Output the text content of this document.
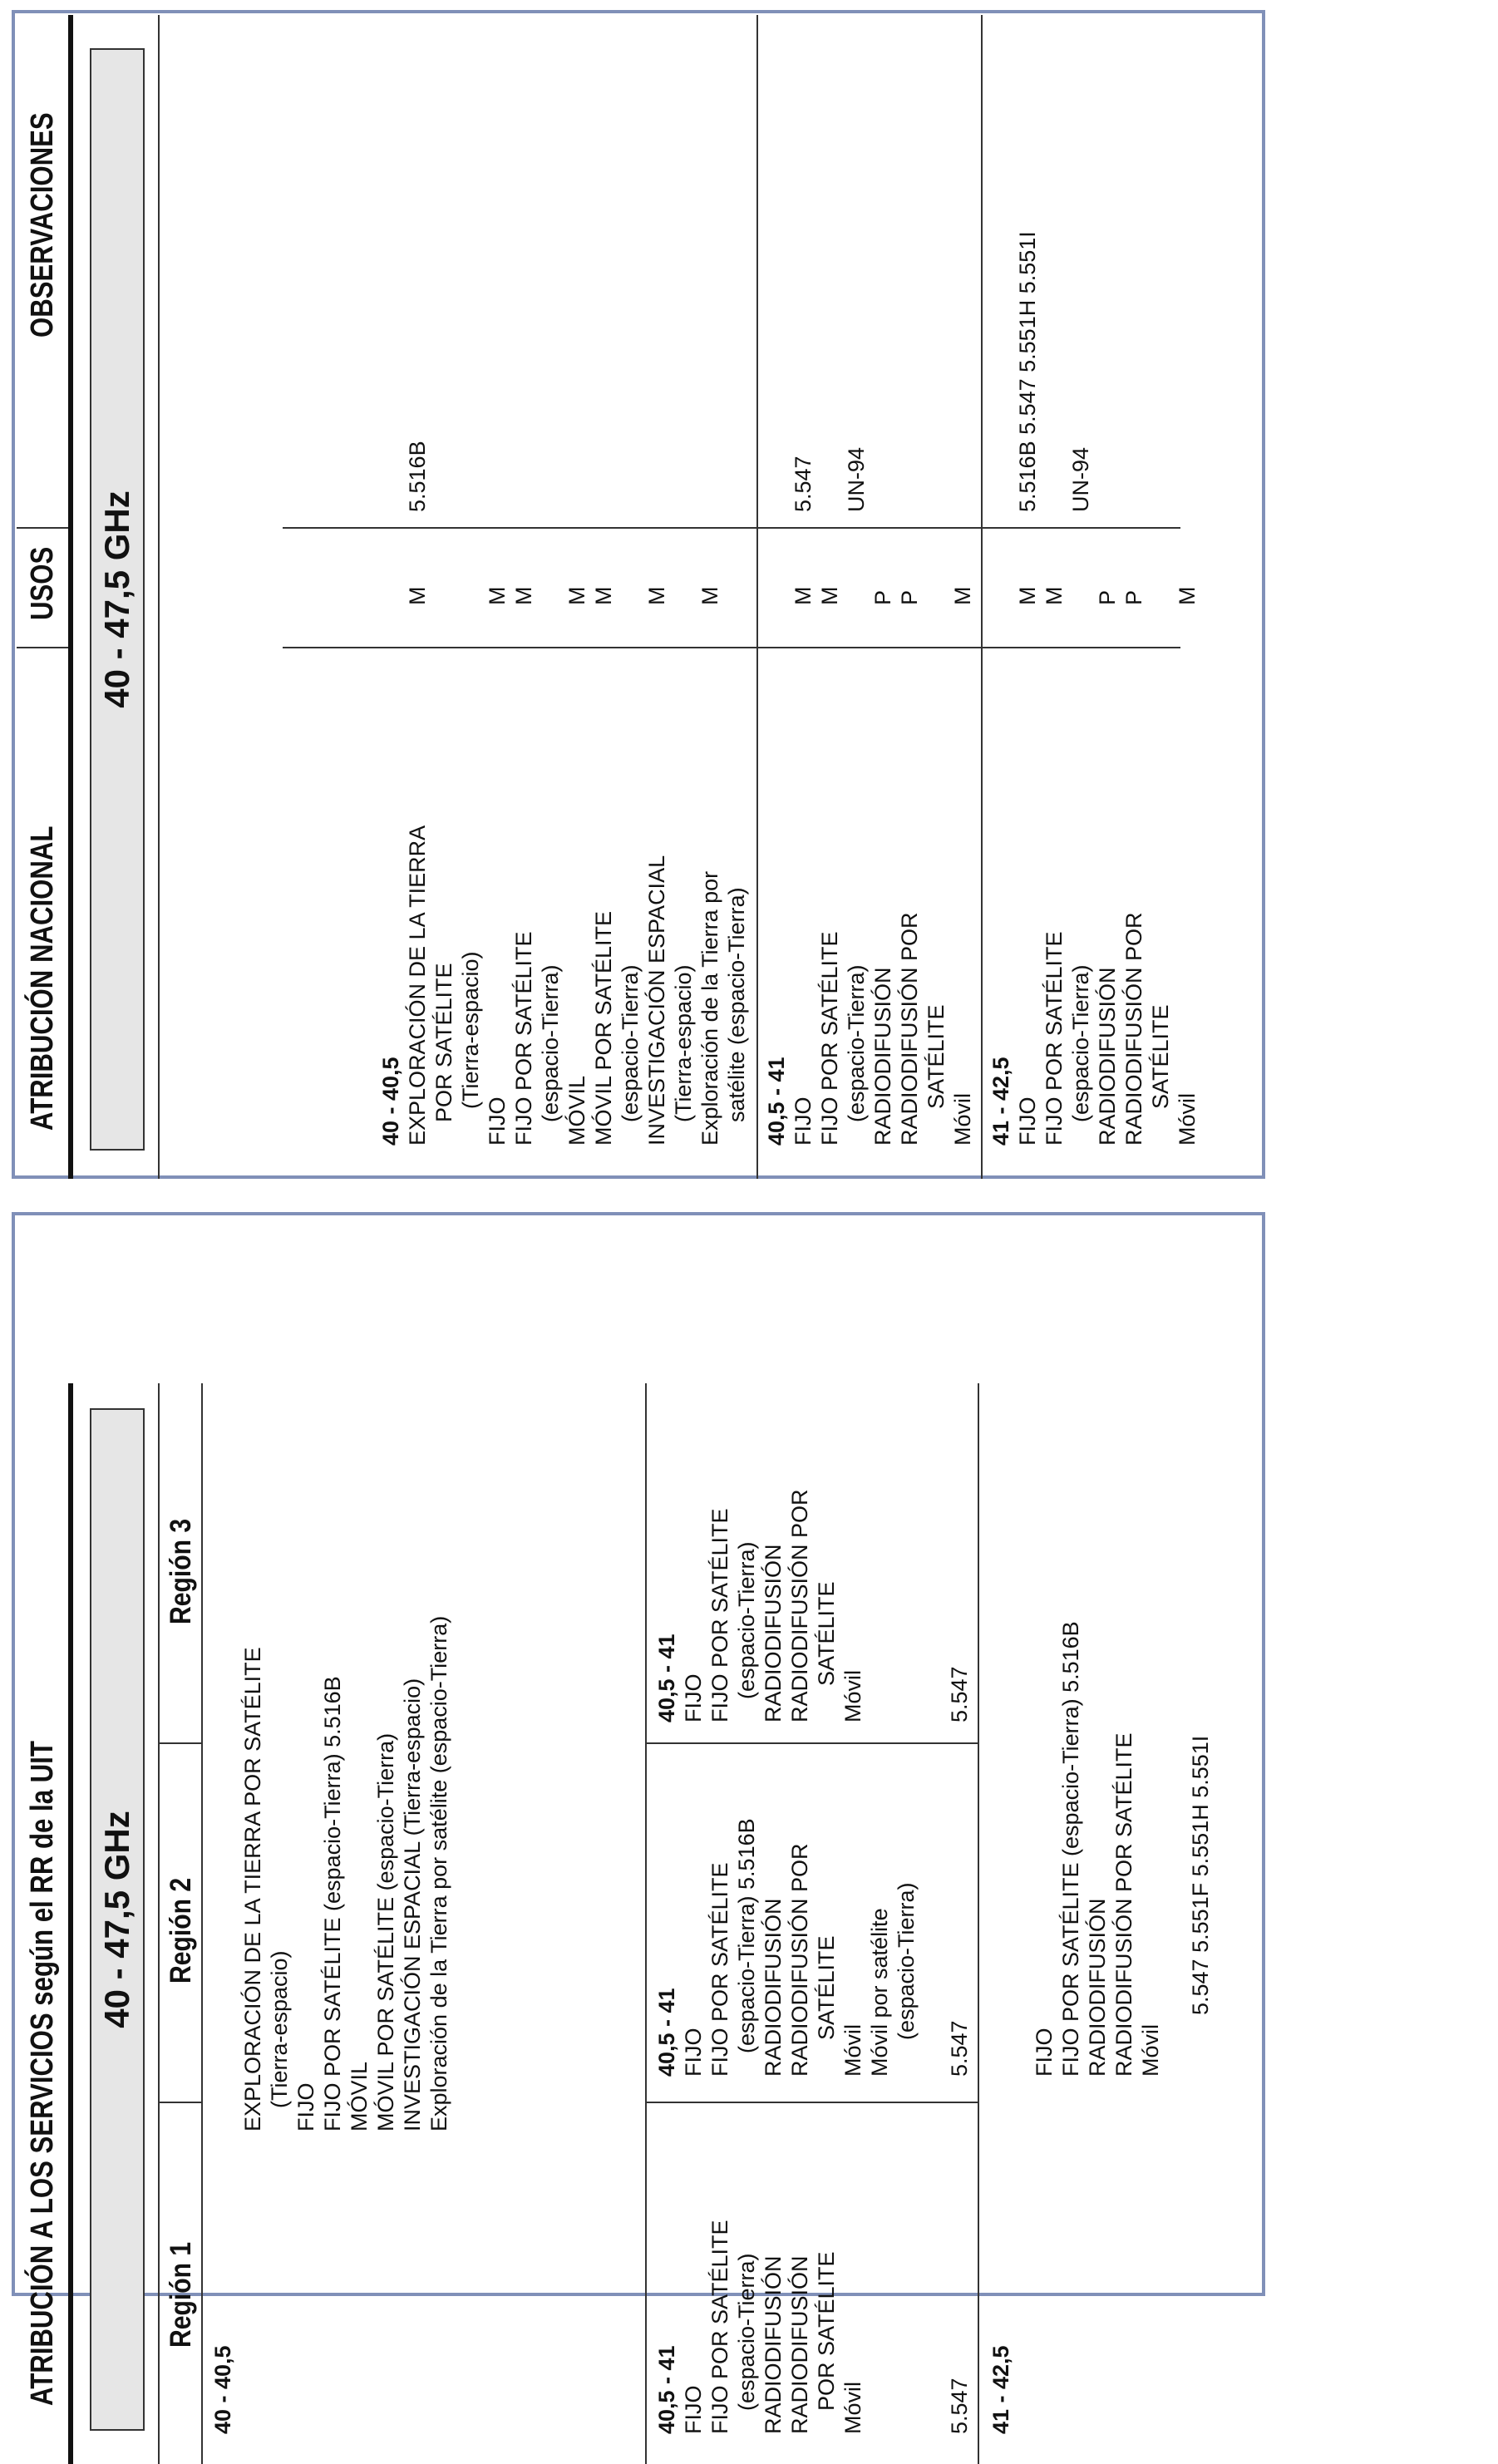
ATRIBUCIÓN A LOS SERVICIOS según el RR de la UIT 40 - 47,5 GHz
Región 1
Región 2
Región 3
40 - 40,5
EXPLORACIÓN DE LA TIERRA POR SATÉLITE (Tierra-espacio) FIJO FIJO POR SATÉLITE (espacio-Tierra) 5.516B MÓVIL MÓVIL POR SATÉLITE (espacio-Tierra) INVESTIGACIÓN ESPACIAL (Tierra-espacio) Exploración de la Tierra por satélite (espacio-Tierra)
40,5 - 41 FIJO FIJO POR SATÉLITE (espacio-Tierra) RADIODIFUSIÓN RADIODIFUSIÓN POR SATÉLITE Móvil	5.547
40,5 - 41 FIJO FIJO POR SATÉLITE (espacio-Tierra) 5.516B RADIODIFUSIÓN RADIODIFUSIÓN POR SATÉLITE
Móvil Móvil por satélite (espacio-Tierra)
5.547
40,5 - 41 FIJO FIJO POR SATÉLITE (espacio-Tierra) RADIODIFUSIÓN RADIODIFUSIÓN POR SATÉLITE
Móvil	5.547
41 - 42,5
FIJO FIJO POR SATÉLITE (espacio-Tierra) 5.516B RADIODIFUSIÓN RADIODIFUSIÓN POR SATÉLITE Móvil
5.547 5.551F 5.551H 5.551I
ATRIBUCIÓN NACIONAL
USOS
OBSERVACIONES
40 - 47,5 GHz
40 - 40,5 EXPLORACIÓN DE LA TIERRA POR SATÉLITE (Tierra-espacio)
FIJO FIJO POR SATÉLITE (espacio-Tierra) MÓVIL MÓVIL POR SATÉLITE (espacio-Tierra) INVESTIGACIÓN ESPACIAL (Tierra-espacio) Exploración de la Tierra por satélite (espacio-Tierra)
M M M M M M M
5.516B
40,5 - 41 FIJO FIJO POR SATÉLITE (espacio-Tierra) RADIODIFUSIÓN RADIODIFUSIÓN POR SATÉLITE
Móvil
M M P P M
5.547 UN-94
41 - 42,5 FIJO FIJO POR SATÉLITE (espacio-Tierra) RADIODIFUSIÓN RADIODIFUSIÓN POR SATÉLITE
Móvil
M M P P M
5.516B 5.547 5.551H 5.551I UN-94
